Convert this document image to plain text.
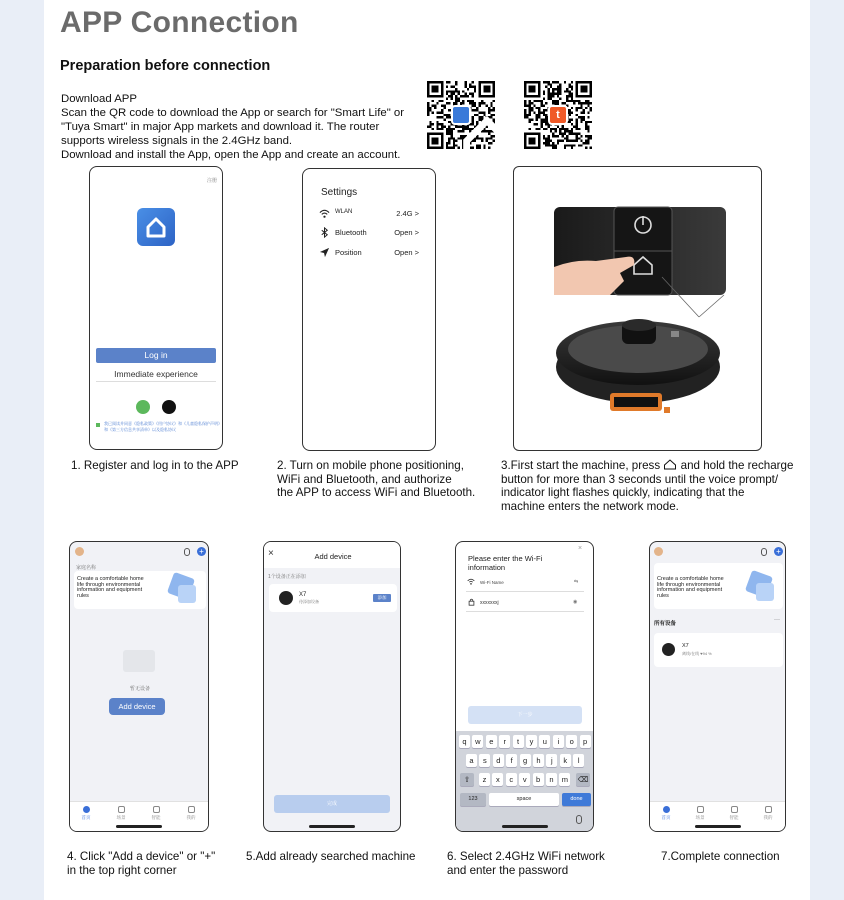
APP Connection
Preparation before connection
Download APP
Scan the QR code to download the App or search for "Smart Life" or
"Tuya Smart" in major App markets and download it. The router
supports wireless signals in the 2.4GHz band.
Download and install the App, open the App and create an account.
t
注册
Log in
Immediate experience
我已阅读并同意《隐私政策》《用户协议》和《儿童隐私保护声明》
和《第三方信息共享清单》以及隐私协议
Settings
WLAN	2.4G >
Bluetooth	Open >
Position	Open >
1. Register and log in to the APP	2. Turn on mobile phone positioning,
WiFi and Bluetooth, and authorize
the APP to access WiFi and Bluetooth.
3.First start the machine, press and hold the recharge
button for more than 3 seconds until the voice prompt/
indicator light flashes quickly, indicating that the
machine enters the network mode.
+
家庭名称
Create a comfortable home
life through environmental
information and equipment
rules
暂无设备
Add device
首页	场景	智能	我的
×	Add device
1个设备正在添加
X7
待添加设备
添加
完成
Please enter the Wi-Fi
information
×
Wi-Fi Name	⇆
xxxxxxxj	◉
下一步
q	w	e	r	t	y	u	i	o	p
a	s	d	f	g	h	j	k	l
z	x	c	v	b	n	m
⇧	⌫
123	space	done
+
Create a comfortable home
life through environmental
information and equipment
rules
所有设备
···
X7
离线/在线 ♥94 %
首页	场景	智能	我的
4. Click "Add a device" or "+"
in the top right corner
5.Add already searched machine	6. Select 2.4GHz WiFi network
and enter the password
7.Complete connection
